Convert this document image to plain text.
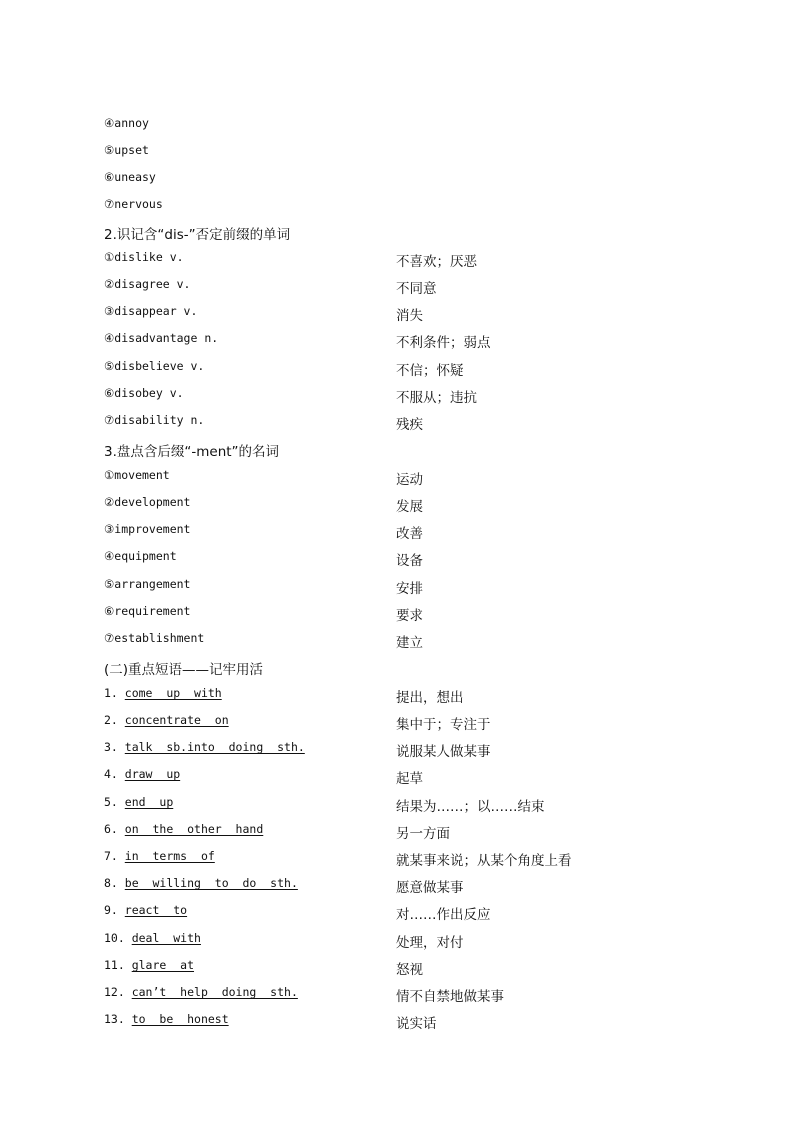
④annoy
⑤upset
⑥uneasy
⑦nervous
2.识记含“dis-”否定前缀的单词
①dislike v.	不喜欢；厌恶
②disagree v.	不同意
③disappear v.	消失
④disadvantage n.	不利条件；弱点
⑤disbelieve v.	不信；怀疑
⑥disobey v.	不服从；违抗
⑦disability n.	残疾
3.盘点含后缀“-ment”的名词
①movement	运动
②development	发展
③improvement	改善
④equipment	设备
⑤arrangement	安排
⑥requirement	要求
⑦establishment	建立
(二)重点短语——记牢用活
1. come  up  with	提出，想出
2. concentrate  on	集中于；专注于
3. talk  sb.into  doing  sth.	说服某人做某事
4. draw  up	起草
5. end  up	结果为……；以……结束
6. on  the  other  hand	另一方面
7. in  terms  of	就某事来说；从某个角度上看
8. be  willing  to  do  sth.	愿意做某事
9. react  to	对……作出反应
10. deal  with	处理，对付
11. glare  at	怒视
12. can’t  help  doing  sth.	情不自禁地做某事
13. to  be  honest	说实话
